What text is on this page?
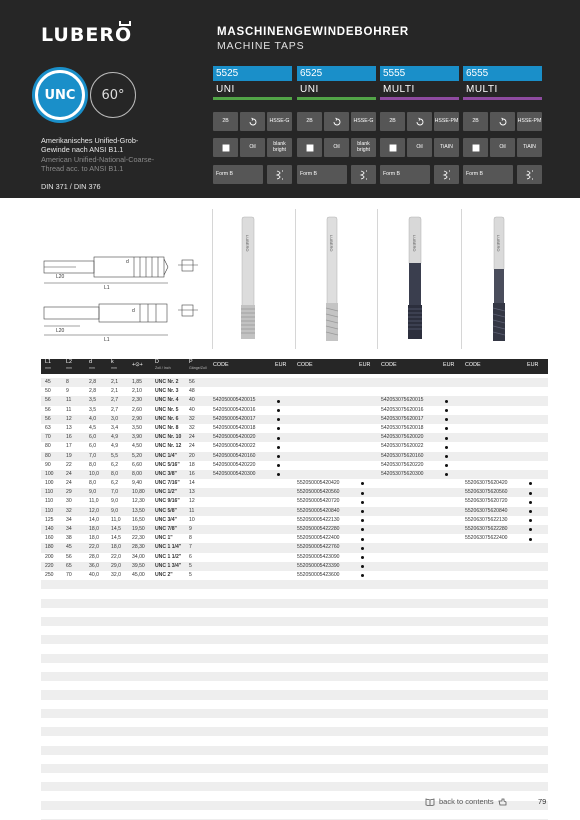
LUBERO	MASCHINENGEWINDEBOHRER
MACHINE TAPS
UNC	60°
Amerikanisches Unified-Grob-
Gewinde nach ANSI B1.1
American Unified-National-Coarse-
Thread acc. to ANSI B1.1
DIN 371 / DIN 376
5525
UNI
2B	HSSE-G
Oil	blank bright
Form B
6525
UNI
2B	HSSE-G
Oil	blank bright
Form B
5555
MULTI
2B	HSSE-PM
Oil	TiAIN
Form B
6555
MULTI
2B	HSSE-PM
Oil	TiAIN
Form B
d
L20
L1
d
L20
L1
LUBERO	LUBERO	LUBERO	LUBERO
L1
mm
L2
mm
d
mm
k
mm	+⊙+ D
Zoll / Inch
P
Gänge/Zoll CODE	EUR CODE	EUR CODE	EUR CODE	EUR
45	8	2,8	2,1	1,85	UNC Nr. 2 56
50	9	2,8	2,1	2,10	UNC Nr. 3 48
56	11	3,5	2,7	2,30	UNC Nr. 4 40	542050005420015	542053075620015
56	11	3,5	2,7	2,60	UNC Nr. 5 40	542050005420016	542053075620016
56	12	4,0	3,0	2,90	UNC Nr. 6 32	542050005420017	542053075620017
63	13	4,5	3,4	3,50	UNC Nr. 8 32	542050005420018	542053075620018
70	16	6,0	4,9	3,90	UNC Nr. 10 24	542050005420020	542053075620020
80	17	6,0	4,9	4,50	UNC Nr. 12 24	542050005420022	542053075620022
80	19	7,0	5,5	5,20	UNC 1/4" 20	542050005420160	542053075620160
90	22	8,0	6,2	6,60	UNC 5/16" 18	542050005420220	542053075620220
100 24	10,0 8,0	8,00	UNC 3/8" 16	542050005420300	542053075620300
100 24	8,0	6,2	9,40	UNC 7/16" 14	552050005420420	552063075620420
110	29	9,0	7,0	10,80 UNC 1/2" 13	552050005420560	552063075620560
110	30	11,0 9,0	12,30 UNC 9/16" 12	552050005420720	552063075620720
110	32	12,0 9,0	13,50 UNC 5/8" 11	552050005420840	552063075620840
125 34	14,0 11,0 16,50 UNC 3/4" 10	552050005422130	552063075622130
140 34	18,0 14,5 19,50 UNC 7/8" 9	552050005422280	552063075622280
160 38	18,0 14,5 22,30 UNC 1"	8	552050005422400	552063075622400
180 45	22,0 18,0 28,30 UNC 1 1/4" 7	552050005422760
200 56	28,0 22,0 34,00 UNC 1 1/2" 6	552050005423090
220 65	36,0 29,0 39,50 UNC 1 3/4" 5	552050005423390
250 70	40,0 32,0 45,00 UNC 2"	5	552050005423600
back to contents	79
